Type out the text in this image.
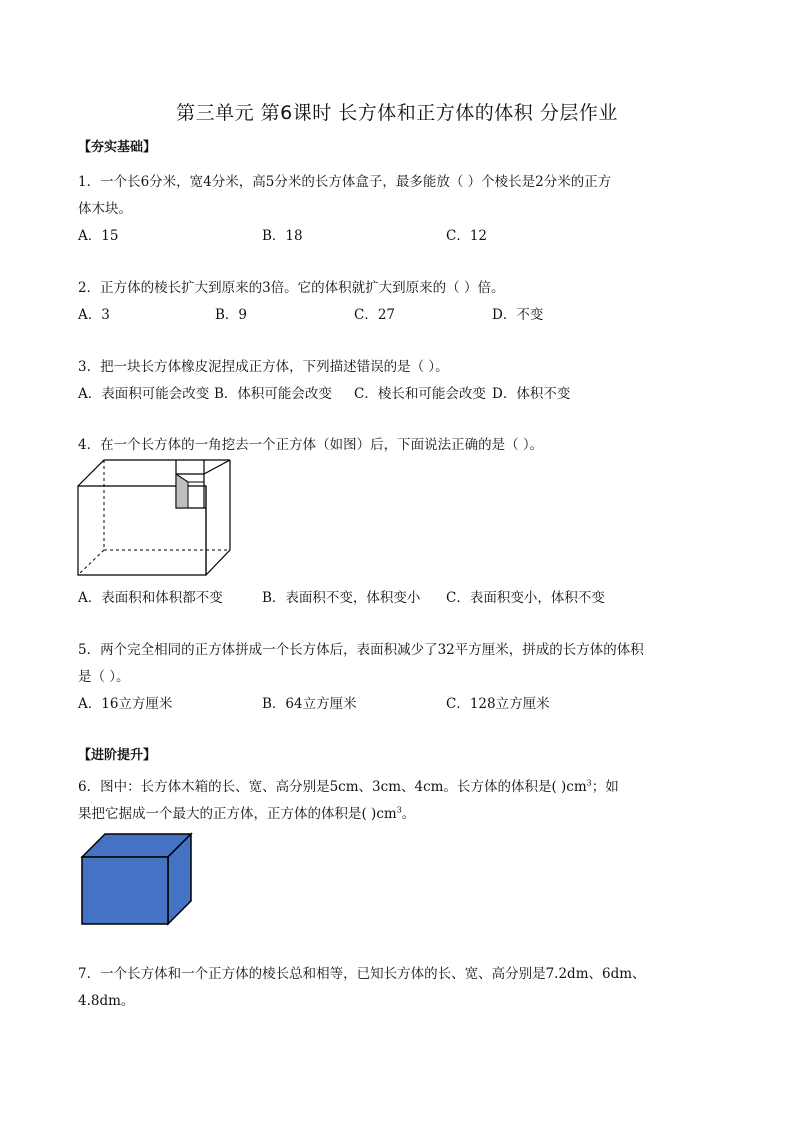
第三单元 第6课时 长方体和正方体的体积 分层作业
【夯实基础】
1．一个长6分米，宽4分米，高5分米的长方体盒子，最多能放（ ）个棱长是2分米的正方
体木块。
A．15	B．18	C．12
2．正方体的棱长扩大到原来的3倍。它的体积就扩大到原来的（ ）倍。
A．3	B．9	C．27	D．不变
3．把一块长方体橡皮泥捏成正方体，下列描述错误的是（ ）。
A．表面积可能会改变 B．体积可能会改变 C．棱长和可能会改变 D．体积不变
4．在一个长方体的一角挖去一个正方体（如图）后，下面说法正确的是（ ）。
A．表面积和体积都不变	B．表面积不变，体积变小 C．表面积变小，体积不变
5．两个完全相同的正方体拼成一个长方体后，表面积减少了32平方厘米，拼成的长方体的体积
是（ ）。
A．16立方厘米	B．64立方厘米	C．128立方厘米
【进阶提升】
6．图中：长方体木箱的长、宽、高分别是5cm、3cm、4cm。长方体的体积是( )$cm^3$；如
果把它据成一个最大的正方体，正方体的体积是( )$cm^3$。
7．一个长方体和一个正方体的棱长总和相等，已知长方体的长、宽、高分别是7.2dm、6dm、
4.8dm。
